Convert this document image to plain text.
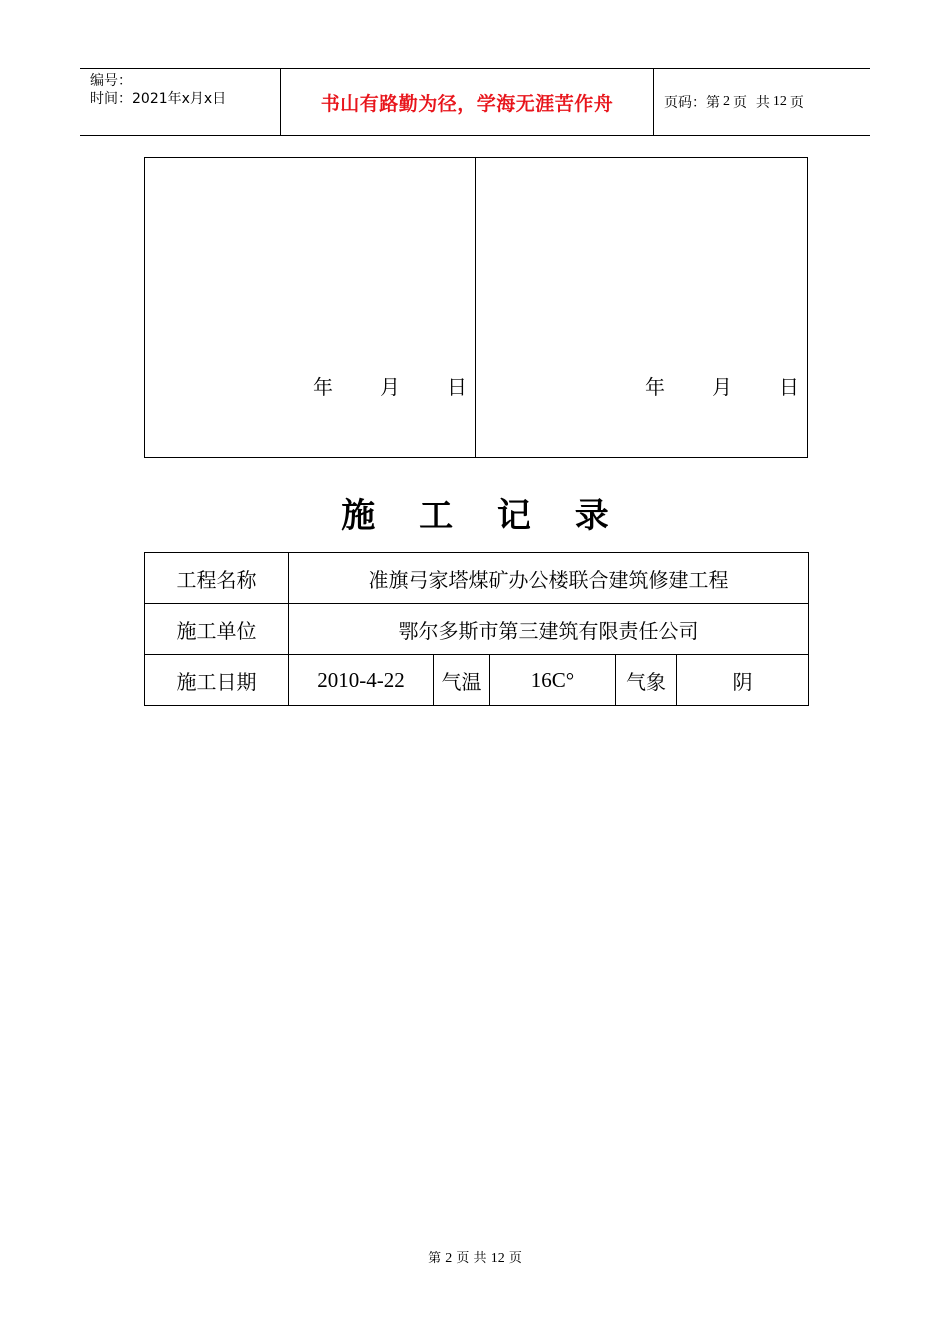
编号：
时间：2021年x月x日	书山有路勤为径，学海无涯苦作舟	页码：第 2 页  共 12 页
年 月 日	年 月 日
施 工 记 录
工程名称	准旗弓家塔煤矿办公楼联合建筑修建工程				
施工单位	鄂尔多斯市第三建筑有限责任公司				
施工日期	2010-4-22	气温	16C°	气象	阴
第 2 页 共 12 页
